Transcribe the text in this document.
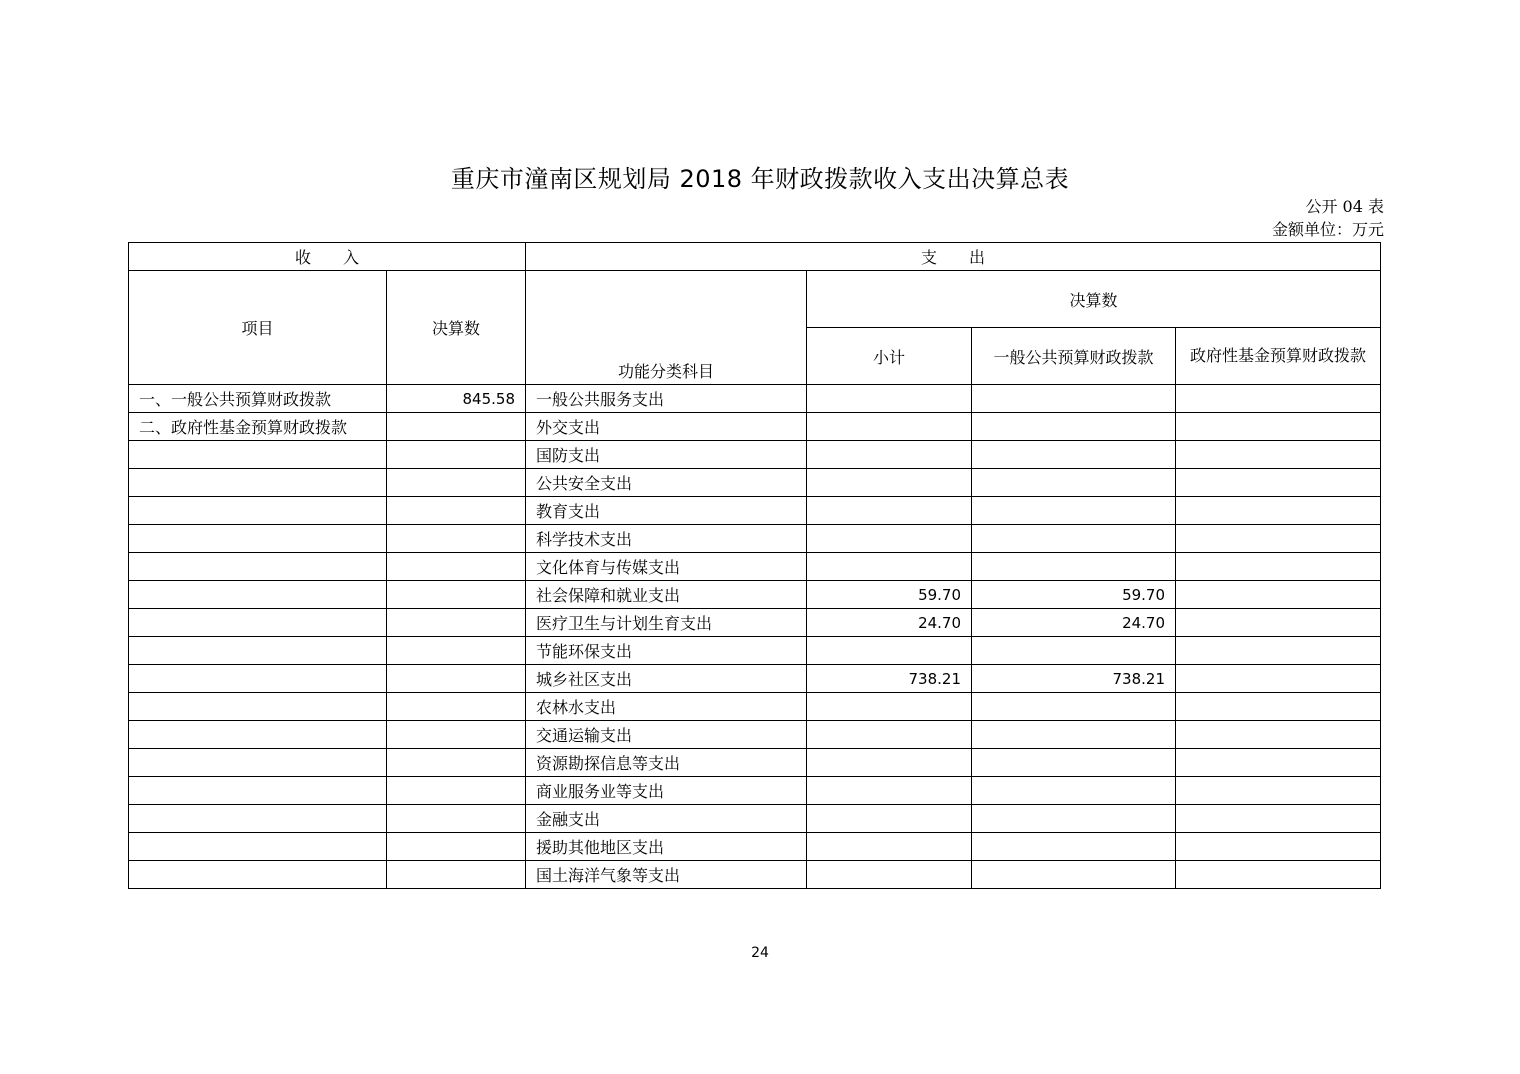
重庆市潼南区规划局 2018 年财政拨款收入支出决算总表
公开 04 表
金额单位：万元
收　　入		支　　出			
项目	决算数	功能分类科目	决算数		
			小计	一般公共预算财政拨款	政府性基金预算财政拨款
一、一般公共预算财政拨款	845.58	一般公共服务支出			
二、政府性基金预算财政拨款		外交支出			
		国防支出			
		公共安全支出			
		教育支出			
		科学技术支出			
		文化体育与传媒支出			
		社会保障和就业支出	59.70	59.70	
		医疗卫生与计划生育支出	24.70	24.70	
		节能环保支出			
		城乡社区支出	738.21	738.21	
		农林水支出			
		交通运输支出			
		资源勘探信息等支出			
		商业服务业等支出			
		金融支出			
		援助其他地区支出			
		国土海洋气象等支出			
24
